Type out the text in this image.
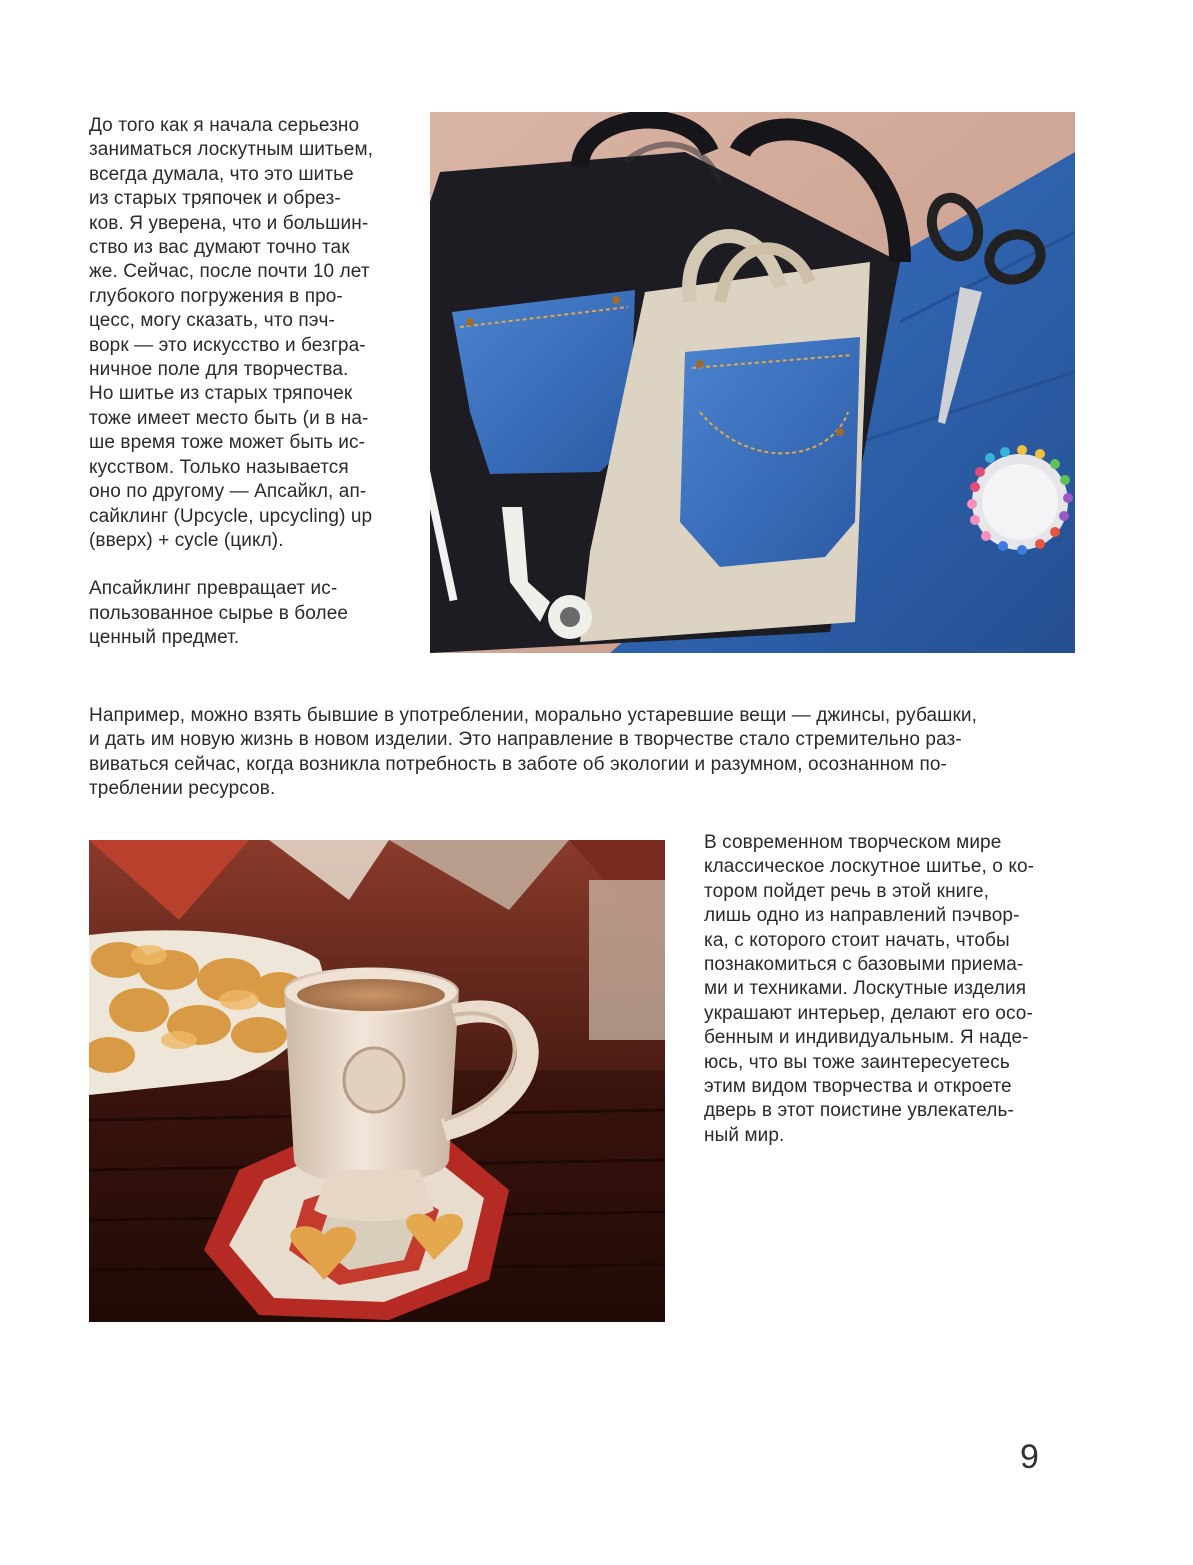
До того как я начала серьезно
заниматься лоскутным шитьем,
всегда думала, что это шитье
из старых тряпочек и обрез-
ков. Я уверена, что и большин-
ство из вас думают точно так
же. Сейчас, после почти 10 лет
глубокого погружения в про-
цесс, могу сказать, что пэч-
ворк — это искусство и безгра-
ничное поле для творчества.
Но шитье из старых тряпочек
тоже имеет место быть (и в на-
ше время тоже может быть ис-
кусством. Только называется
оно по другому — Апсайкл, ап-
сайклинг (Upcycle, upcycling) up
(вверх) + cycle (цикл).

Апсайклинг превращает ис-
пользованное сырье в более
ценный предмет.

Например, можно взять бывшие в употреблении, морально устаревшие вещи — джинсы, рубашки,
и дать им новую жизнь в новом изделии. Это направление в творчестве стало стремительно раз-
виваться сейчас, когда возникла потребность в заботе об экологии и разумном, осознанном по-
треблении ресурсов.

В современном творческом мире
классическое лоскутное шитье, о ко-
тором пойдет речь в этой книге,
лишь одно из направлений пэчвор-
ка, с которого стоит начать, чтобы
познакомиться с базовыми приема-
ми и техниками. Лоскутные изделия
украшают интерьер, делают его осо-
бенным и индивидуальным. Я наде-
юсь, что вы тоже заинтересуетесь
этим видом творчества и откроете
дверь в этот поистине увлекатель-
ный мир.

9
